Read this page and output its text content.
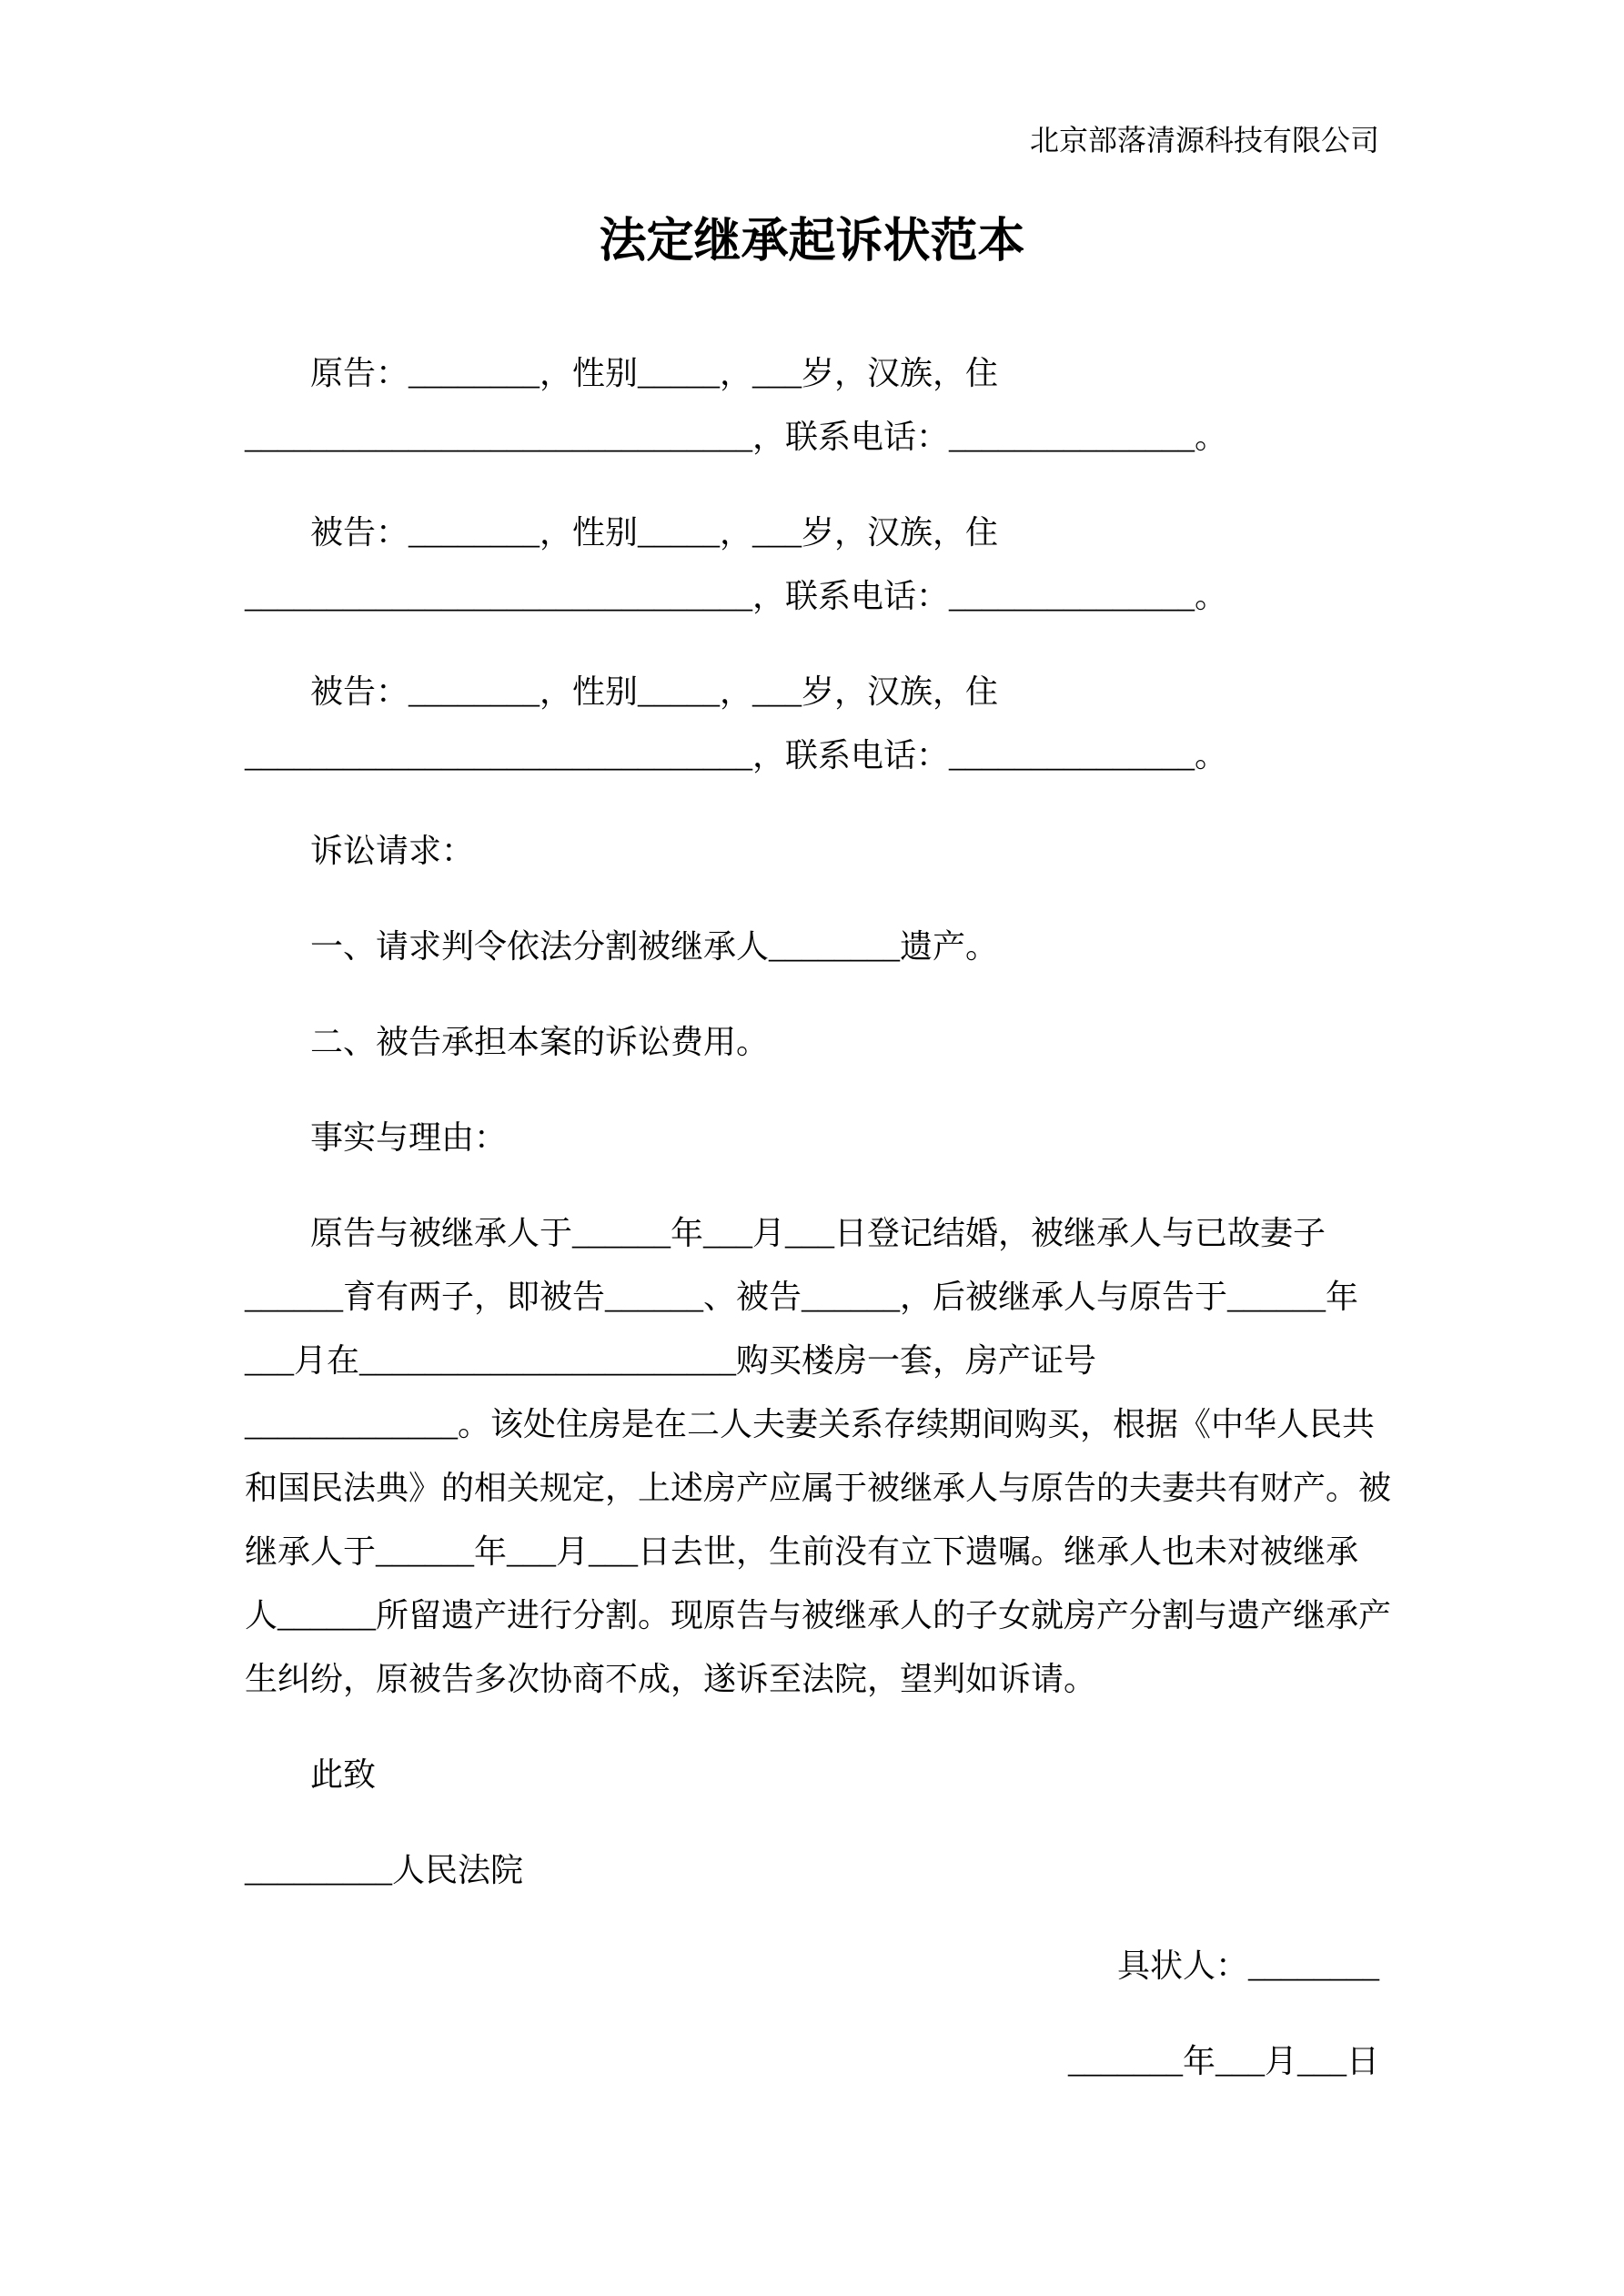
北京部落清源科技有限公司
法定继承起诉状范本
原告：________，性别_____，___岁，汉族，住
_______________________________，联系电话：_______________。
被告：________，性别_____，___岁，汉族，住
_______________________________，联系电话：_______________。
被告：________，性别_____，___岁，汉族，住
_______________________________，联系电话：_______________。
诉讼请求：
一、请求判令依法分割被继承人________遗产。
二、被告承担本案的诉讼费用。
事实与理由：
原告与被继承人于______年___月___日登记结婚，被继承人与已故妻子
______育有两子，即被告______、被告______，后被继承人与原告于______年
___月在_______________________购买楼房一套，房产证号
_____________。该处住房是在二人夫妻关系存续期间购买，根据《中华人民共
和国民法典》的相关规定，上述房产应属于被继承人与原告的夫妻共有财产。被
继承人于______年___月___日去世，生前没有立下遗嘱。继承人也未对被继承
人______所留遗产进行分割。现原告与被继承人的子女就房产分割与遗产继承产
生纠纷，原被告多次协商不成，遂诉至法院，望判如诉请。
此致
_________人民法院
具状人：________
_______年___月___日
